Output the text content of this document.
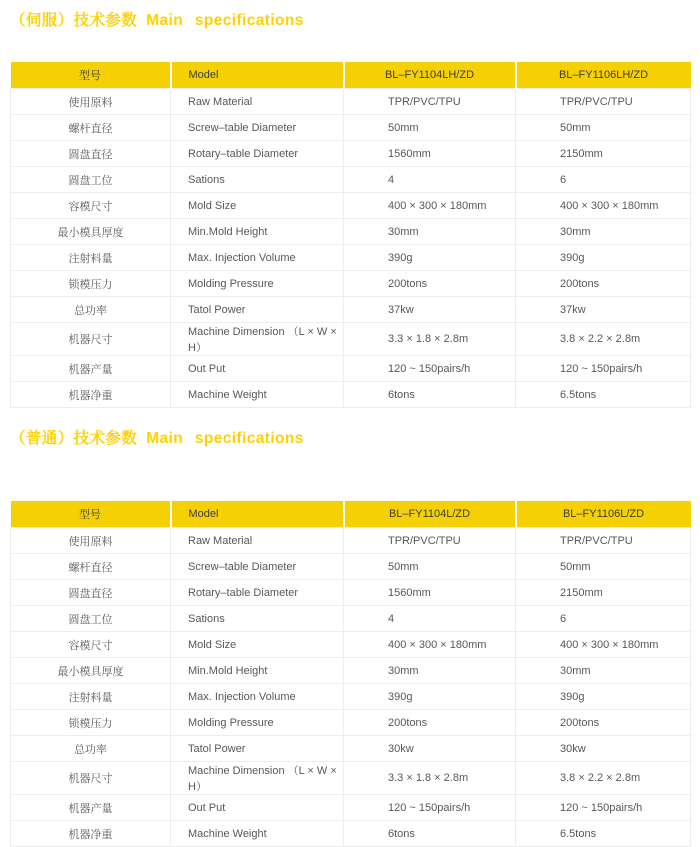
（伺服）技术参数 Main specifications
型号	Model	BL–FY1104LH/ZD	BL–FY1106LH/ZD
使用原料	Raw Material	TPR/PVC/TPU	TPR/PVC/TPU
螺杆直径	Screw–table Diameter	50mm	50mm
圆盘直径	Rotary–table Diameter	1560mm	2150mm
圆盘工位	Sations	4	6
容模尺寸	Mold Size	400 × 300 × 180mm	400 × 300 × 180mm
最小模具厚度	Min.Mold Height	30mm	30mm
注射料量	Max. Injection Volume	390g	390g
锁模压力	Molding Pressure	200tons	200tons
总功率	Tatol Power	37kw	37kw
机器尺寸	Machine Dimension （L × W × H）	3.3 × 1.8 × 2.8m	3.8 × 2.2 × 2.8m
机器产量	Out Put	120 ~ 150pairs/h	120 ~ 150pairs/h
机器净重	Machine Weight	6tons	6.5tons
（普通）技术参数 Main specifications
型号	Model	BL–FY1104L/ZD	BL–FY1106L/ZD
使用原料	Raw Material	TPR/PVC/TPU	TPR/PVC/TPU
螺杆直径	Screw–table Diameter	50mm	50mm
圆盘直径	Rotary–table Diameter	1560mm	2150mm
圆盘工位	Sations	4	6
容模尺寸	Mold Size	400 × 300 × 180mm	400 × 300 × 180mm
最小模具厚度	Min.Mold Height	30mm	30mm
注射料量	Max. Injection Volume	390g	390g
锁模压力	Molding Pressure	200tons	200tons
总功率	Tatol Power	30kw	30kw
机器尺寸	Machine Dimension （L × W × H）	3.3 × 1.8 × 2.8m	3.8 × 2.2 × 2.8m
机器产量	Out Put	120 ~ 150pairs/h	120 ~ 150pairs/h
机器净重	Machine Weight	6tons	6.5tons
